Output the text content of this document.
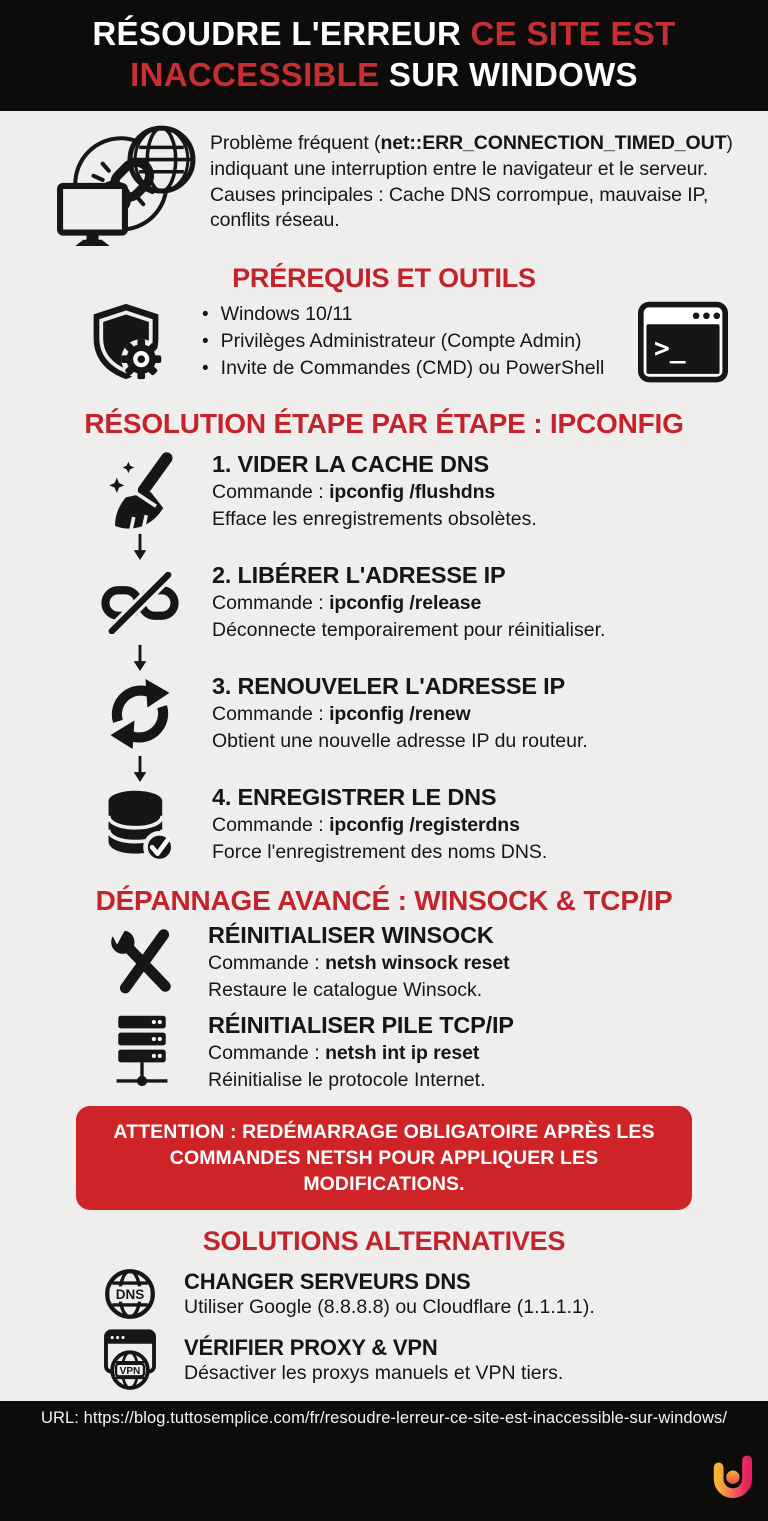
RÉSOUDRE L'ERREUR CE SITE EST INACCESSIBLE SUR WINDOWS
Problème fréquent (net::ERR_CONNECTION_TIMED_OUT) indiquant une interruption entre le navigateur et le serveur. Causes principales : Cache DNS corrompue, mauvaise IP, conflits réseau.
PRÉREQUIS ET OUTILS
• Windows 10/11
• Privilèges Administrateur (Compte Admin)
• Invite de Commandes (CMD) ou PowerShell
>_
RÉSOLUTION ÉTAPE PAR ÉTAPE : IPCONFIG
1. VIDER LA CACHE DNS
Commande : ipconfig /flushdns
Efface les enregistrements obsolètes.
2. LIBÉRER L'ADRESSE IP
Commande : ipconfig /release
Déconnecte temporairement pour réinitialiser.
3. RENOUVELER L'ADRESSE IP
Commande : ipconfig /renew
Obtient une nouvelle adresse IP du routeur.
4. ENREGISTRER LE DNS
Commande : ipconfig /registerdns
Force l'enregistrement des noms DNS.
DÉPANNAGE AVANCÉ : WINSOCK & TCP/IP
RÉINITIALISER WINSOCK
Commande : netsh winsock reset
Restaure le catalogue Winsock.
RÉINITIALISER PILE TCP/IP
Commande : netsh int ip reset
Réinitialise le protocole Internet.
ATTENTION : REDÉMARRAGE OBLIGATOIRE APRÈS LES COMMANDES NETSH POUR APPLIQUER LES MODIFICATIONS.
SOLUTIONS ALTERNATIVES
DNS
CHANGER SERVEURS DNS
Utiliser Google (8.8.8.8) ou Cloudflare (1.1.1.1).
VPN
VÉRIFIER PROXY & VPN
Désactiver les proxys manuels et VPN tiers.
URL: https://blog.tuttosemplice.com/fr/resoudre-lerreur-ce-site-est-inaccessible-sur-windows/
